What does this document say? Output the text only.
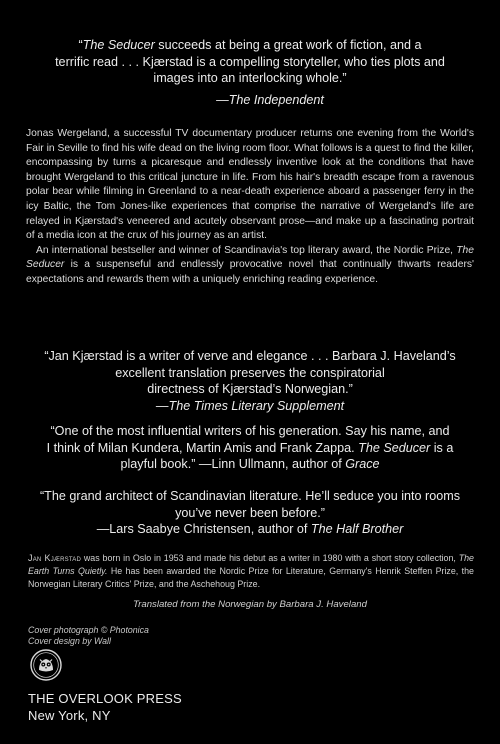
“The Seducer succeeds at being a great work of fiction, and a
terrific read . . . Kjærstad is a compelling storyteller, who ties plots and
images into an interlocking whole.”
—The Independent

Jonas Wergeland, a successful TV documentary producer returns one evening from the World's Fair in Seville to find his wife dead on the living room floor. What follows is a quest to find the killer, encompassing by turns a picaresque and endlessly inventive look at the conditions that have brought Wergeland to this critical juncture in life. From his hair's breadth escape from a ravenous polar bear while filming in Greenland to a near-death experience aboard a passenger ferry in the icy Baltic, the Tom Jones-like experiences that comprise the narrative of Wergeland's life are relayed in Kjærstad's veneered and acutely observant prose—and make up a fascinating portrait of a media icon at the crux of his journey as an artist.

An international bestseller and winner of Scandinavia's top literary award, the Nordic Prize, The Seducer is a suspenseful and endlessly provocative novel that continually thwarts readers' expectations and rewards them with a uniquely enriching reading experience.

“Jan Kjærstad is a writer of verve and elegance . . . Barbara J. Haveland’s
excellent translation preserves the conspiratorial
directness of Kjærstad’s Norwegian.”
—The Times Literary Supplement
“One of the most influential writers of his generation. Say his name, and
I think of Milan Kundera, Martin Amis and Frank Zappa. The Seducer is a
playful book.” —Linn Ullmann, author of Grace
“The grand architect of Scandinavian literature. He’ll seduce you into rooms
you’ve never been before.”
—Lars Saabye Christensen, author of The Half Brother
Jan Kjærstad was born in Oslo in 1953 and made his debut as a writer in 1980 with a short story collection, The Earth Turns Quietly. He has been awarded the Nordic Prize for Literature, Germany's Henrik Steffen Prize, the Norwegian Literary Critics' Prize, and the Aschehoug Prize.
Translated from the Norwegian by Barbara J. Haveland
Cover photograph © Photonica
Cover design by Wall
THE OVERLOOK PRESS
New York, NY
